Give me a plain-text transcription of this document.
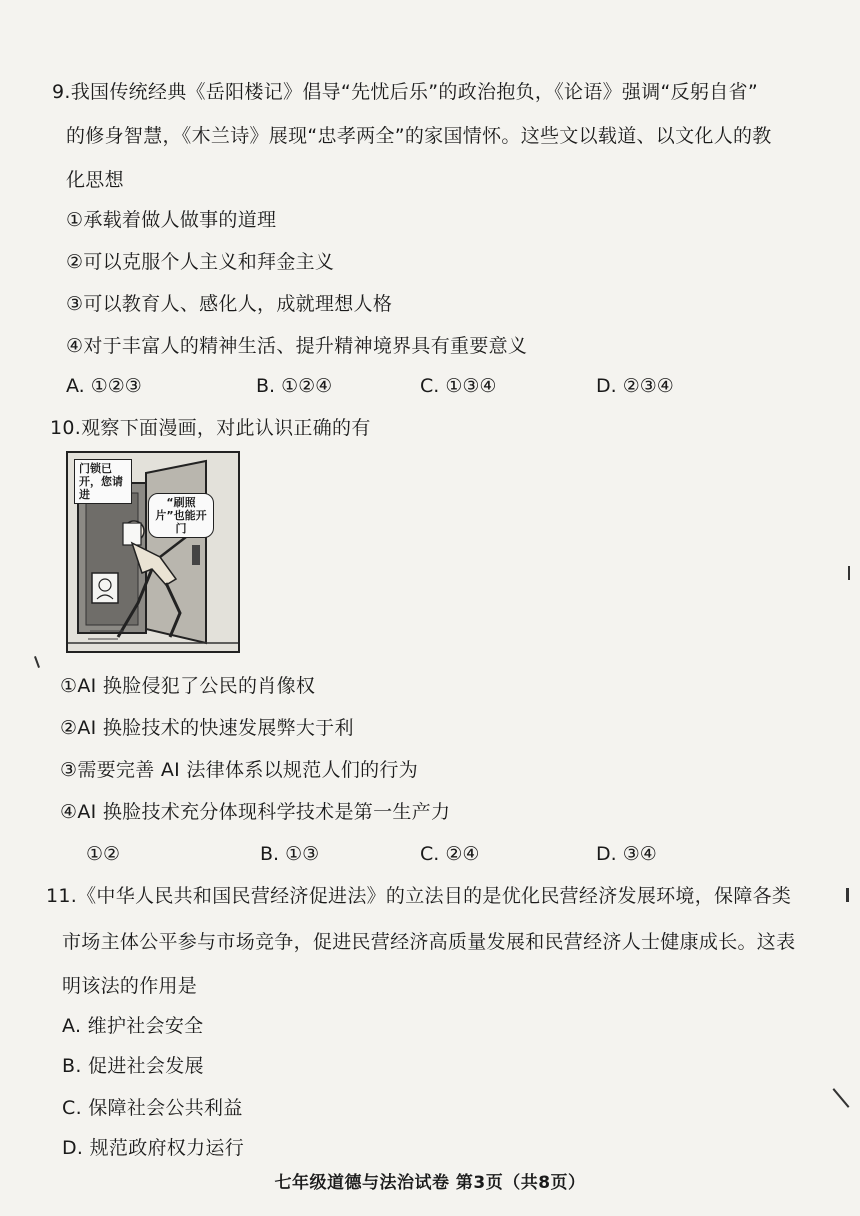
9.我国传统经典《岳阳楼记》倡导“先忧后乐”的政治抱负，《论语》强调“反躬自省”
的修身智慧，《木兰诗》展现“忠孝两全”的家国情怀。这些文以载道、以文化人的教
化思想
①承载着做人做事的道理
②可以克服个人主义和拜金主义
③可以教育人、感化人，成就理想人格
④对于丰富人的精神生活、提升精神境界具有重要意义
A. ①②③	B. ①②④	C. ①③④	D. ②③④
10.观察下面漫画，对此认识正确的有
门锁已开，您请进
“刷照片”也能开门
①AI 换脸侵犯了公民的肖像权
②AI 换脸技术的快速发展弊大于利
③需要完善 AI 法律体系以规范人们的行为
④AI 换脸技术充分体现科学技术是第一生产力
①②	B. ①③	C. ②④	D. ③④
11.《中华人民共和国民营经济促进法》的立法目的是优化民营经济发展环境，保障各类
市场主体公平参与市场竞争，促进民营经济高质量发展和民营经济人士健康成长。这表
明该法的作用是
A. 维护社会安全
B. 促进社会发展
C. 保障社会公共利益
D. 规范政府权力运行
七年级道德与法治试卷 第3页（共8页）
